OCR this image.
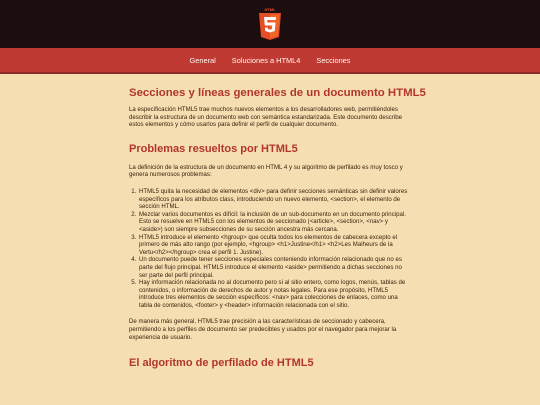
HTML
General	Soluciones a HTML4	Secciones
Secciones y líneas generales de un documento HTML5

La especificación HTML5 trae muchos nuevos elementos a los desarrolladores web, permitiéndoles describir la estructura de un documento web con semántica estandarizada. Este documento describe estos elementos y cómo usarlos para definir el perfil de cualquier documento.

Problemas resueltos por HTML5

La definición de la estructura de un documento en HTML 4 y su algoritmo de perfilado es muy tosco y genera numerosos problemas:

1. HTML5 quita la necesidad de elementos <div> para definir secciones semánticas sin definir valores específicos para los atributos class, introduciendo un nuevo elemento, <section>, el elemento de sección HTML.
2. Mezclar varios documentos es difícil: la inclusión de un sub-documento en un documento principal. Esto se resuelve en HTML5 con los elementos de seccionado (<article>, <section>, <nav> y <aside>) son siempre subsecciones de su sección ancestra más cercana.
3. HTML5 introduce el elemento <hgroup> que oculta todos los elementos de cabecera excepto el primero de más alto rango (por ejemplo, <hgroup> <h1>Justine</h1> <h2>Les Malheurs de la Vertu</h2></hgroup> crea el perfil 1. Justine).
4. Un documento puede tener secciones especiales conteniendo información relacionado que no es parte del flujo principal. HTML5 introduce el elemento <aside> permitiendo a dichas secciones no ser parte del perfil principal.
5. Hay información relacionada no al documento pero si al sitio entero, como logos, menús, tablas de contenidos, o información de derechos de autor y notas legales. Para ese propósito, HTML5 introduce tres elementos de sección específicos: <nav> para colecciones de enlaces, como una tabla de contenidos, <footer> y <header> información relacionada con el sitio.

De manera más general, HTML5 trae precisión a las características de seccionado y cabecera, permitiendo a los perfiles de documento ser predecibles y usados por el navegador para mejorar la experiencia de usuario.

El algoritmo de perfilado de HTML5
